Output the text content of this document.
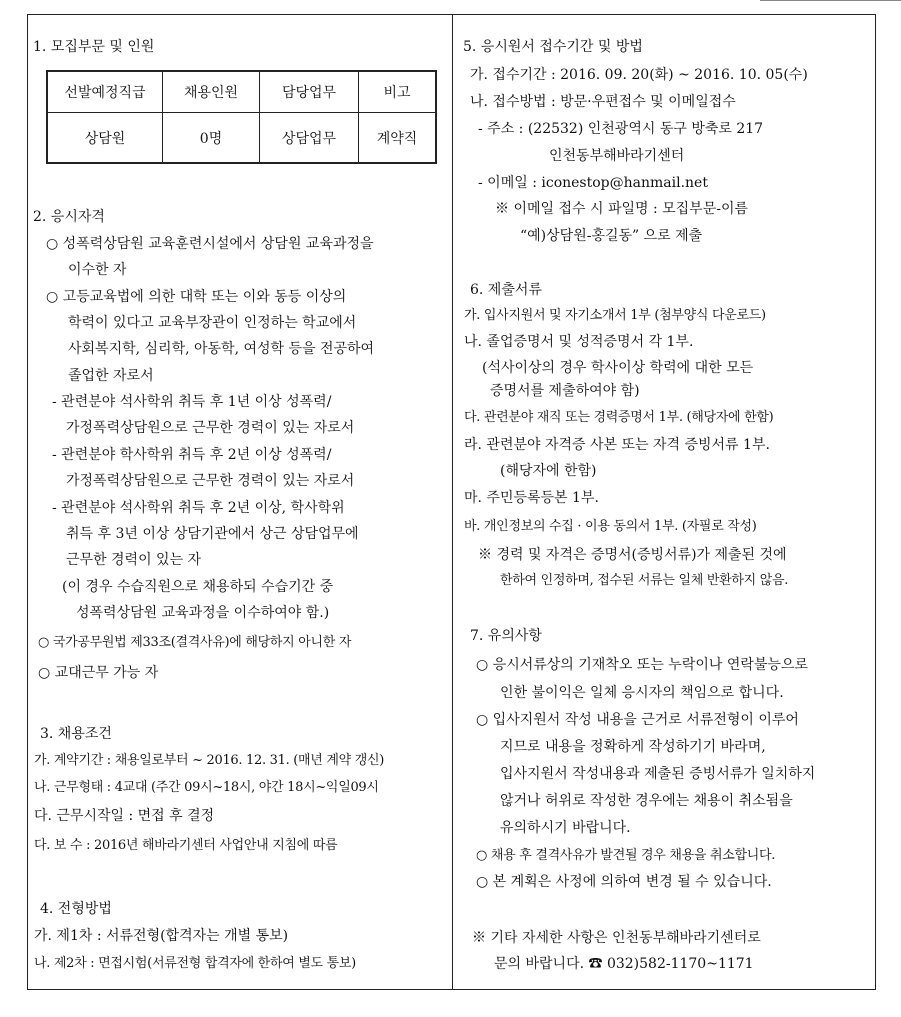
1. 모집부문 및 인원
선발예정직급	채용인원	담당업무	비고
상담원	0명	상담업무	계약직
2. 응시자격
○ 성폭력상담원 교육훈련시설에서 상담원 교육과정을
이수한 자
○ 고등교육법에 의한 대학 또는 이와 동등 이상의
학력이 있다고 교육부장관이 인정하는 학교에서
사회복지학, 심리학, 아동학, 여성학 등을 전공하여
졸업한 자로서
- 관련분야 석사학위 취득 후 1년 이상 성폭력/
가정폭력상담원으로 근무한 경력이 있는 자로서
- 관련분야 학사학위 취득 후 2년 이상 성폭력/
가정폭력상담원으로 근무한 경력이 있는 자로서
- 관련분야 석사학위 취득 후 2년 이상, 학사학위
취득 후 3년 이상 상담기관에서 상근 상담업무에
근무한 경력이 있는 자
(이 경우 수습직원으로 채용하되 수습기간 중
성폭력상담원 교육과정을 이수하여야 함.)
○ 국가공무원법 제33조(결격사유)에 해당하지 아니한 자
○ 교대근무 가능 자
3. 채용조건
가. 계약기간 : 채용일로부터 ~ 2016. 12. 31. (매년 계약 갱신)
나. 근무형태 : 4교대 (주간 09시~18시, 야간 18시~익일09시
다. 근무시작일 : 면접 후 결정
다. 보 수 : 2016년 해바라기센터 사업안내 지침에 따름
4. 전형방법
가. 제1차 : 서류전형(합격자는 개별 통보)
나. 제2차 : 면접시험(서류전형 합격자에 한하여 별도 통보)
5. 응시원서 접수기간 및 방법
가. 접수기간 : 2016. 09. 20(화) ~ 2016. 10. 05(수)
나. 접수방법 : 방문·우편접수 및 이메일접수
- 주소 : (22532) 인천광역시 동구 방축로 217
인천동부해바라기센터
- 이메일 : iconestop@hanmail.net
※ 이메일 접수 시 파일명 : 모집부문-이름
“예)상담원-홍길동” 으로 제출
6. 제출서류
가. 입사지원서 및 자기소개서 1부 (첨부양식 다운로드)
나. 졸업증명서 및 성적증명서 각 1부.
(석사이상의 경우 학사이상 학력에 대한 모든
증명서를 제출하여야 함)
다. 관련분야 재직 또는 경력증명서 1부. (해당자에 한함)
라. 관련분야 자격증 사본 또는 자격 증빙서류 1부.
(해당자에 한함)
마. 주민등록등본 1부.
바. 개인정보의 수집 · 이용 동의서 1부. (자필로 작성)
※ 경력 및 자격은 증명서(증빙서류)가 제출된 것에
한하여 인정하며, 접수된 서류는 일체 반환하지 않음.
7. 유의사항
○ 응시서류상의 기재착오 또는 누락이나 연락불능으로
인한 불이익은 일체 응시자의 책임으로 합니다.
○ 입사지원서 작성 내용을 근거로 서류전형이 이루어
지므로 내용을 정확하게 작성하기기 바라며,
입사지원서 작성내용과 제출된 증빙서류가 일치하지
않거나 허위로 작성한 경우에는 채용이 취소됨을
유의하시기 바랍니다.
○ 채용 후 결격사유가 발견될 경우 채용을 취소합니다.
○ 본 계획은 사정에 의하여 변경 될 수 있습니다.
※ 기타 자세한 사항은 인천동부해바라기센터로
문의 바랍니다. ☎ 032)582-1170~1171
